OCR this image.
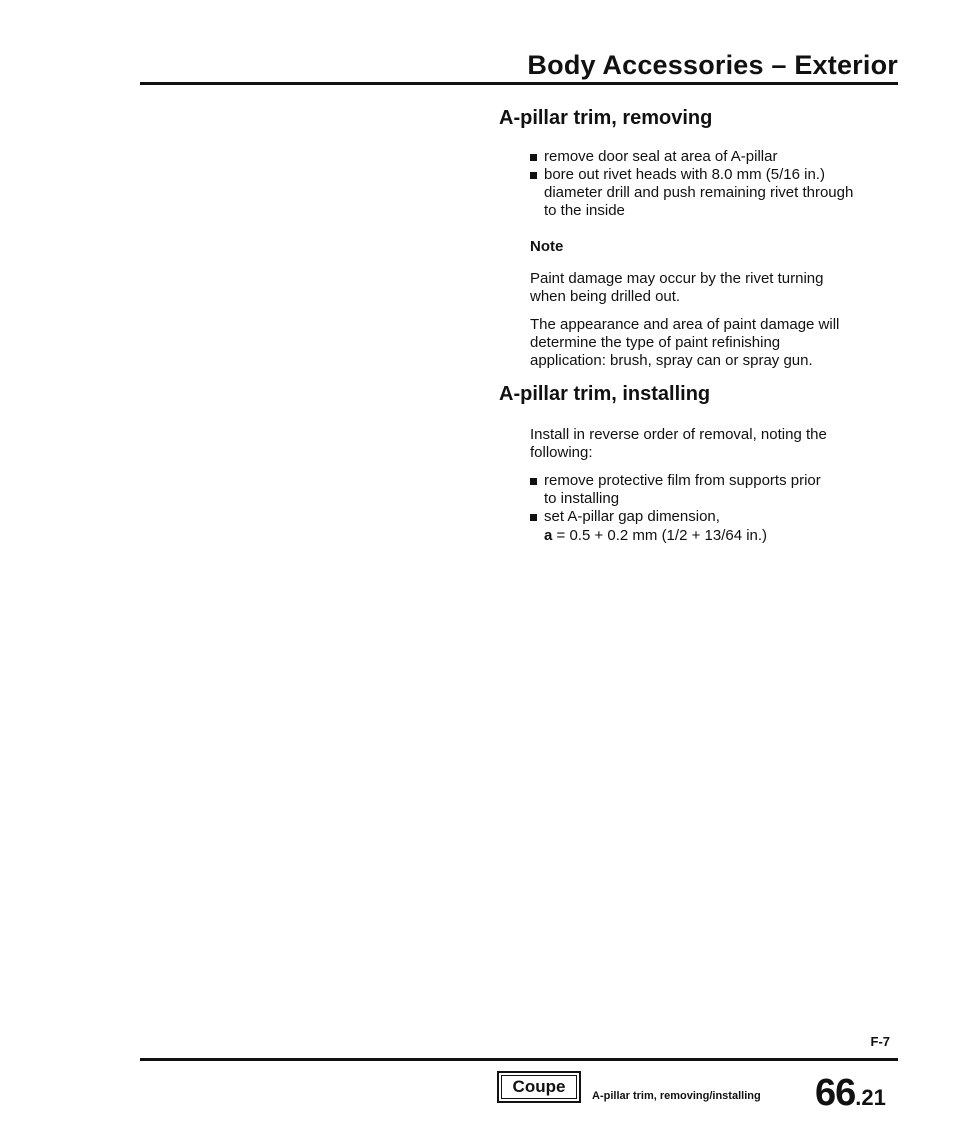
Body Accessories – Exterior
A-pillar trim, removing
remove door seal at area of A-pillar
bore out rivet heads with 8.0 mm (5/16 in.) diameter drill and push remaining rivet through to the inside
Note
Paint damage may occur by the rivet turning when being drilled out.
The appearance and area of paint damage will determine the type of paint refinishing application: brush, spray can or spray gun.
A-pillar trim, installing
Install in reverse order of removal, noting the following:
remove protective film from supports prior to installing
set A-pillar gap dimension,
a = 0.5 + 0.2 mm (1/2 + 13/64 in.)
F-7
Coupe A-pillar trim, removing/installing 66.21
